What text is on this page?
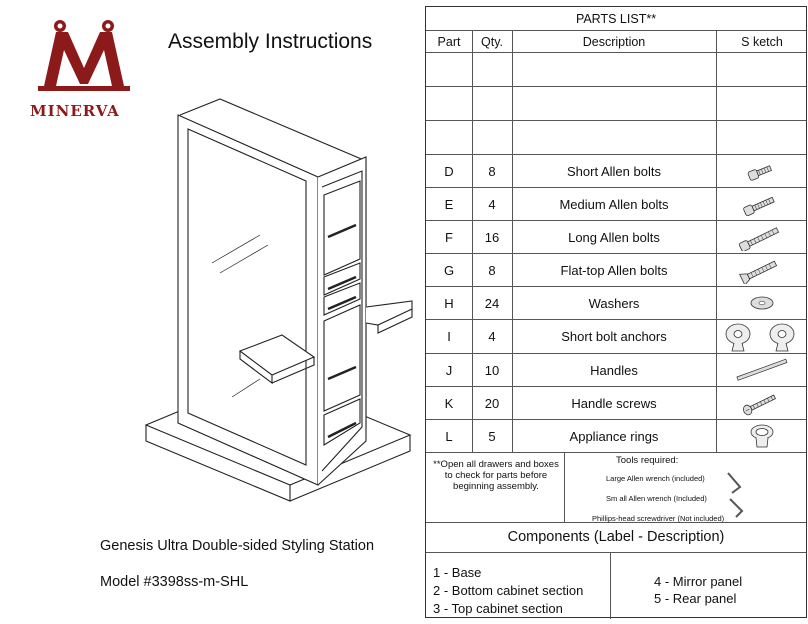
MINERVA
Assembly Instructions
Genesis Ultra Double-sided Styling Station
Model #3398ss-m-SHL
PARTS LIST**
Part	Qty.	Description	S ketch
D	8	Short Allen bolts
E	4	Medium Allen bolts
F	16	Long Allen bolts
G	8	Flat-top Allen bolts
H	24	Washers
I	4	Short bolt anchors
J	10	Handles
K	20	Handle screws
L	5	Appliance rings
**Open all drawers and boxes to check for parts before beginning assembly.
Tools required:
Large Allen wrench (included)
Sm all Allen wrench (Included)
Phillips-head screwdriver (Not included)
Components (Label - Description)
1 - Base
2 - Bottom cabinet section
3 - Top cabinet section
4 - Mirror panel
5 - Rear panel
